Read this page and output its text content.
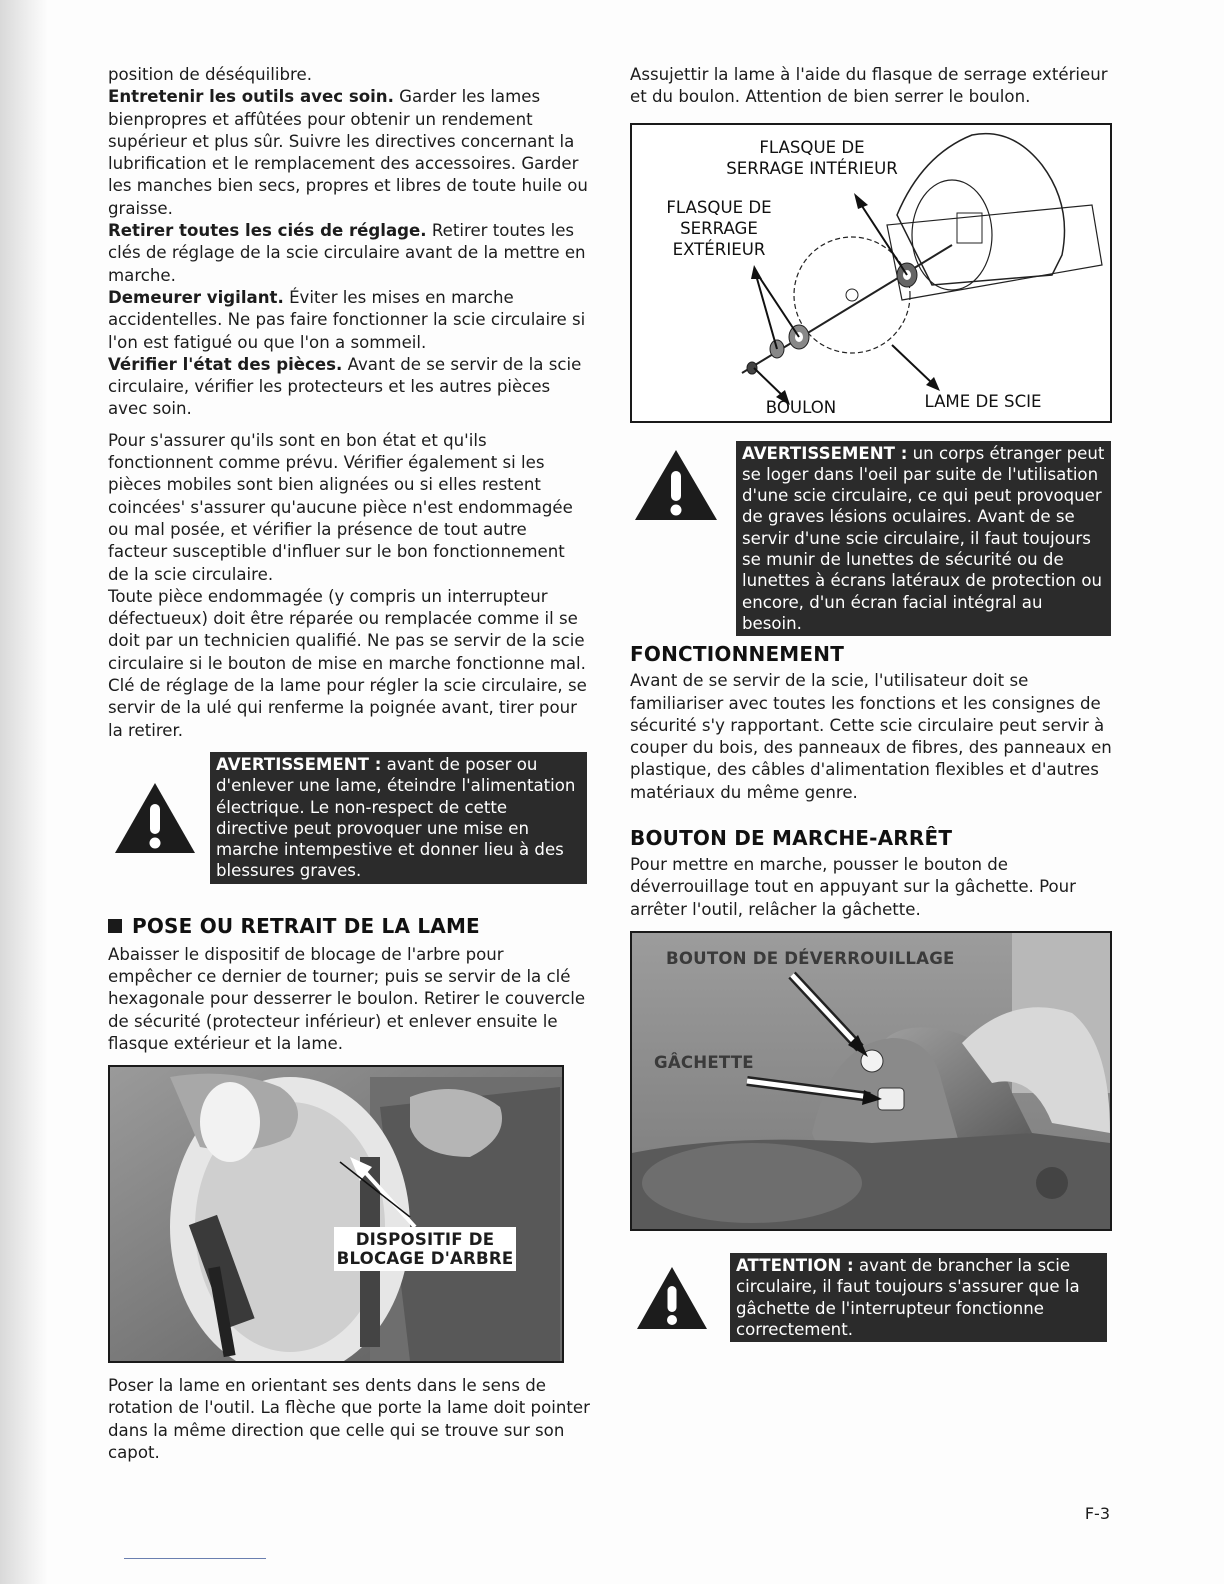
position de déséquilibre.

Entretenir les outils avec soin. Garder les lames bienpropres et affûtées pour obtenir un rendement supérieur et plus sûr. Suivre les directives concernant la lubrification et le remplacement des accessoires. Garder les manches bien secs, propres et libres de toute huile ou graisse.

Retirer toutes les ciés de réglage. Retirer toutes les clés de réglage de la scie circulaire avant de la mettre en marche.

Demeurer vigilant. Éviter les mises en marche accidentelles. Ne pas faire fonctionner la scie circulaire si l'on est fatigué ou que l'on a sommeil.

Vérifier l'état des pièces. Avant de se servir de la scie circulaire, vérifier les protecteurs et les autres pièces avec soin.

Pour s'assurer qu'ils sont en bon état et qu'ils fonctionnent comme prévu. Vérifier également si les pièces mobiles sont bien alignées ou si elles restent coincées' s'assurer qu'aucune pièce n'est endommagée ou mal posée, et vérifier la présence de tout autre facteur susceptible d'influer sur le bon fonctionnement de la scie circulaire.

Toute pièce endommagée (y compris un interrupteur défectueux) doit être réparée ou remplacée comme il se doit par un technicien qualifié. Ne pas se servir de la scie circulaire si le bouton de mise en marche fonctionne mal.

Clé de réglage de la lame pour régler la scie circulaire, se servir de la ulé qui renferme la poignée avant, tirer pour la retirer.

AVERTISSEMENT : avant de poser ou d'enlever une lame, éteindre l'alimentation électrique. Le non-respect de cette directive peut provoquer une mise en marche intempestive et donner lieu à des blessures graves.
POSE OU RETRAIT DE LA LAME

Abaisser le dispositif de blocage de l'arbre pour empêcher ce dernier de tourner; puis se servir de la clé hexagonale pour desserrer le boulon. Retirer le couvercle de sécurité (protecteur inférieur) et enlever ensuite le flasque extérieur et la lame.

DISPOSITIF DE
BLOCAGE D'ARBRE

Poser la lame en orientant ses dents dans le sens de rotation de l'outil. La flèche que porte la lame doit pointer dans la même direction que celle qui se trouve sur son capot.

Assujettir la lame à l'aide du flasque de serrage extérieur et du boulon. Attention de bien serrer le boulon.

FLASQUE DE
SERRAGE INTÉRIEUR
FLASQUE DE
SERRAGE
EXTÉRIEUR
BOULON	LAME DE SCIE
AVERTISSEMENT : un corps étranger peut se loger dans l'oeil par suite de l'utilisation d'une scie circulaire, ce qui peut provoquer de graves lésions oculaires. Avant de se servir d'une scie circulaire, il faut toujours se munir de lunettes de sécurité ou de lunettes à écrans latéraux de protection ou encore, d'un écran facial intégral au besoin.
FONCTIONNEMENT

Avant de se servir de la scie, l'utilisateur doit se familiariser avec toutes les fonctions et les consignes de sécurité s'y rapportant. Cette scie circulaire peut servir à couper du bois, des panneaux de fibres, des panneaux en plastique, des câbles d'alimentation flexibles et d'autres matériaux du même genre.

BOUTON DE MARCHE-ARRÊT

Pour mettre en marche, pousser le bouton de déverrouillage tout en appuyant sur la gâchette. Pour arrêter l'outil, relâcher la gâchette.

BOUTON DE DÉVERROUILLAGE
GÂCHETTE
ATTENTION : avant de brancher la scie circulaire, il faut toujours s'assurer que la gâchette de l'interrupteur fonctionne correctement.
F-3
